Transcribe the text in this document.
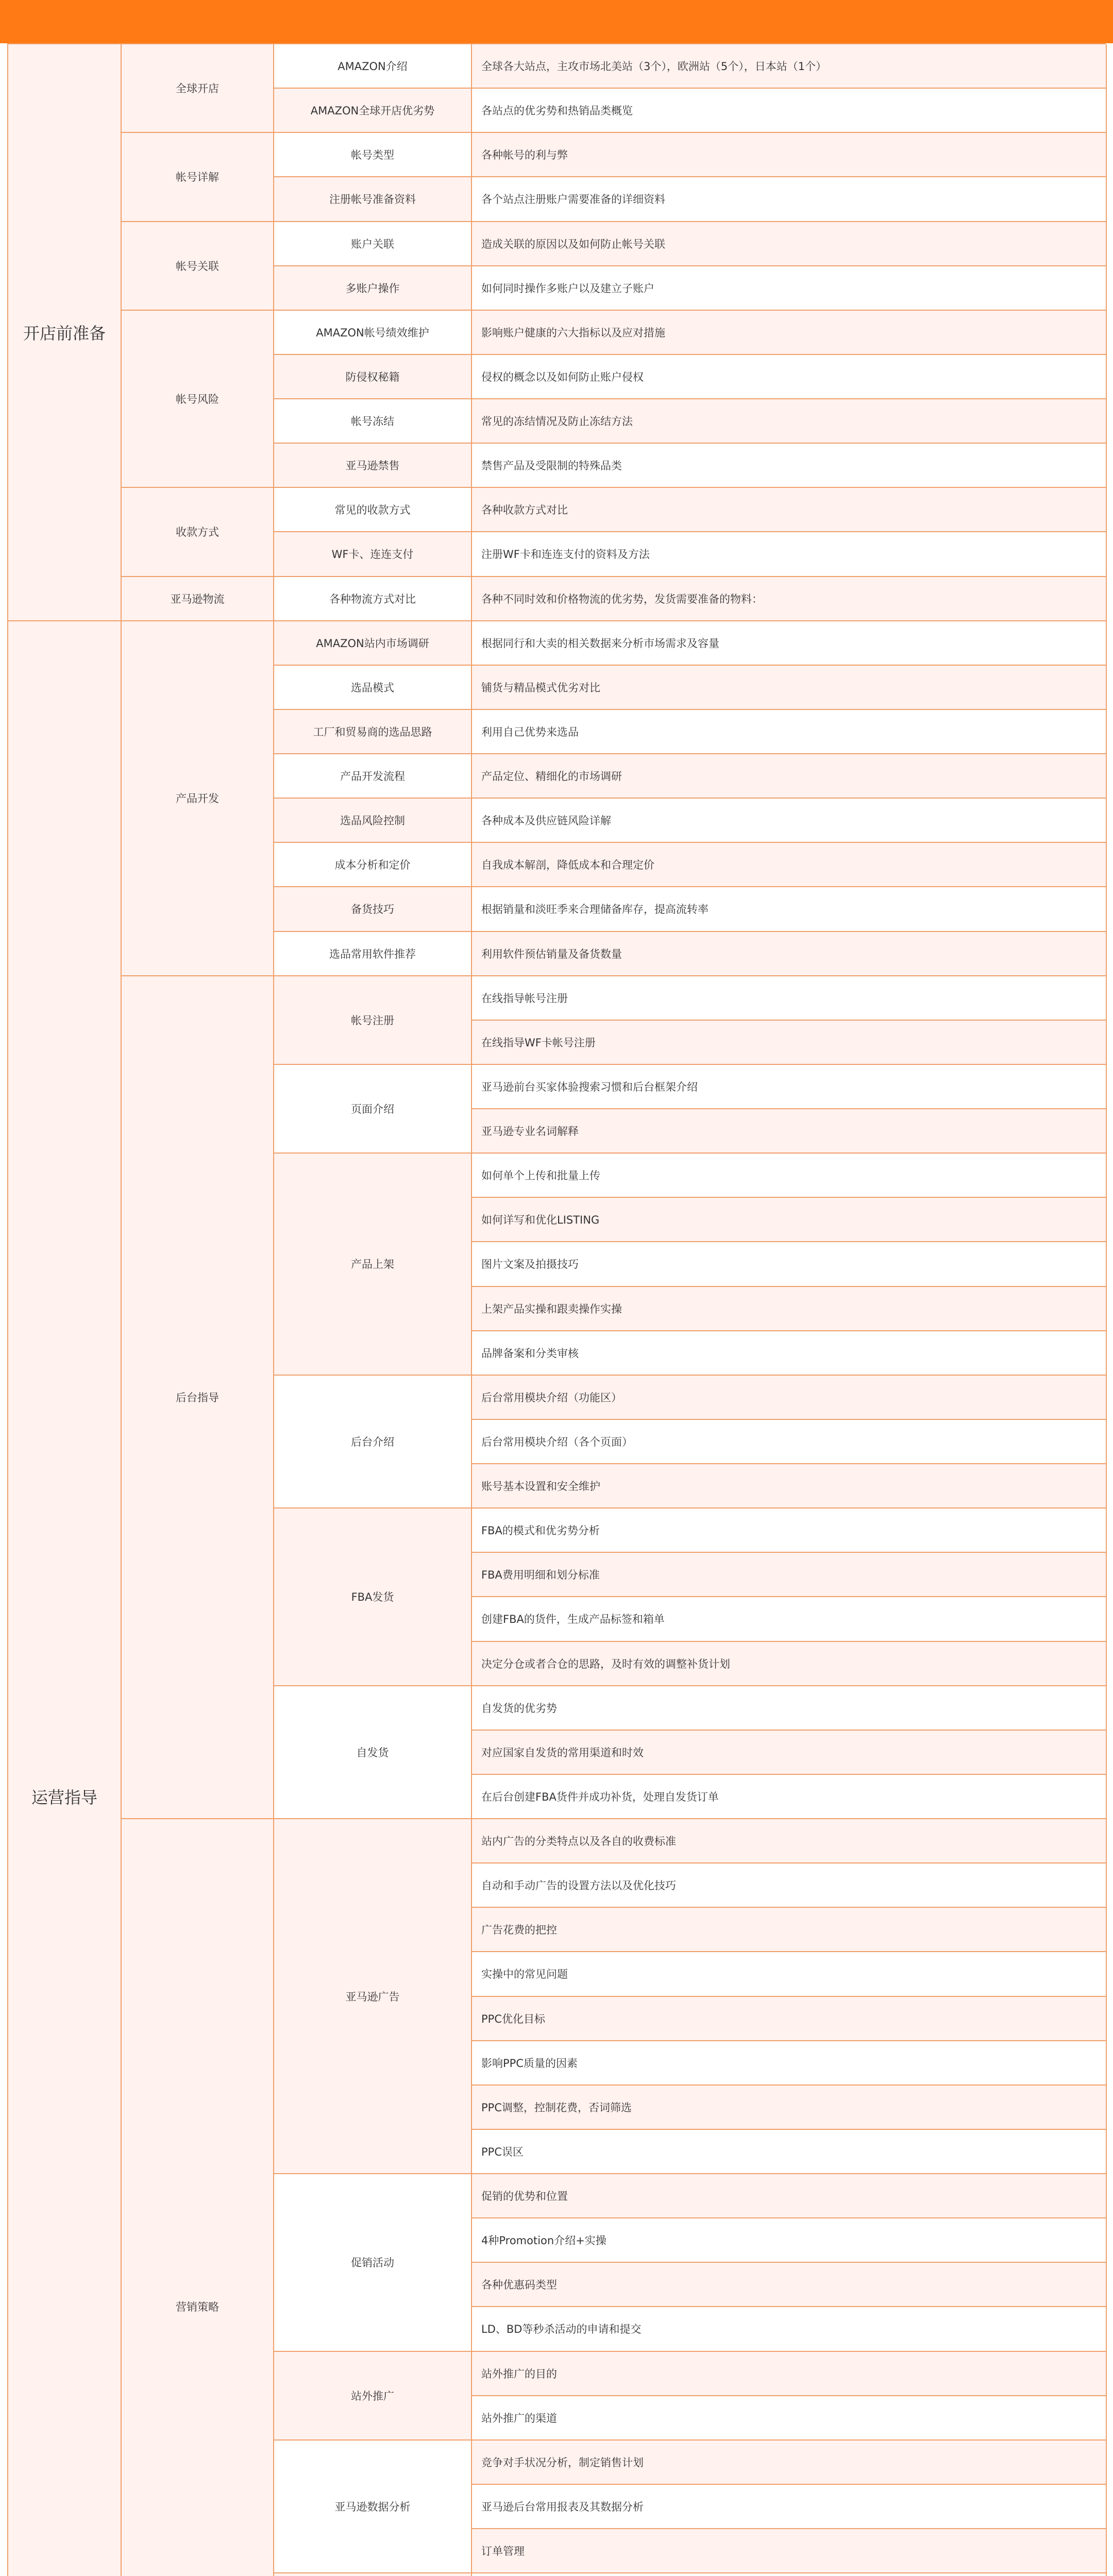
全球各大站点，主攻市场北美站（3个），欧洲站（5个），日本站（1个）
AMAZON介绍
各站点的优劣势和热销品类概览
AMAZON全球开店优劣势
全球开店
各种帐号的利与弊
帐号类型
各个站点注册账户需要准备的详细资料
注册帐号准备资料
帐号详解
造成关联的原因以及如何防止帐号关联
账户关联
如何同时操作多账户以及建立子账户
多账户操作
帐号关联
影响账户健康的六大指标以及应对措施
AMAZON帐号绩效维护
侵权的概念以及如何防止账户侵权
防侵权秘籍
常见的冻结情况及防止冻结方法
帐号冻结
禁售产品及受限制的特殊品类
亚马逊禁售
帐号风险
各种收款方式对比
常见的收款方式
注册WF卡和连连支付的资料及方法
WF卡、连连支付
收款方式
各种不同时效和价格物流的优劣势，发货需要准备的物料：
各种物流方式对比
亚马逊物流
开店前准备
根据同行和大卖的相关数据来分析市场需求及容量
AMAZON站内市场调研
铺货与精品模式优劣对比
选品模式
利用自己优势来选品
工厂和贸易商的选品思路
产品定位、精细化的市场调研
产品开发流程
各种成本及供应链风险详解
选品风险控制
自我成本解剖，降低成本和合理定价
成本分析和定价
根据销量和淡旺季来合理储备库存，提高流转率
备货技巧
利用软件预估销量及备货数量
选品常用软件推荐
产品开发
在线指导帐号注册
在线指导WF卡帐号注册
帐号注册
亚马逊前台买家体验搜索习惯和后台框架介绍
亚马逊专业名词解释
页面介绍
如何单个上传和批量上传
如何详写和优化LISTING
图片文案及拍摄技巧
上架产品实操和跟卖操作实操
品牌备案和分类审核
产品上架
后台常用模块介绍（功能区）
后台常用模块介绍（各个页面）
账号基本设置和安全维护
后台介绍
FBA的模式和优劣势分析
FBA费用明细和划分标准
创建FBA的货件，生成产品标签和箱单
决定分仓或者合仓的思路，及时有效的调整补货计划
FBA发货
自发货的优劣势
对应国家自发货的常用渠道和时效
在后台创建FBA货件并成功补货，处理自发货订单
自发货
后台指导
站内广告的分类特点以及各自的收费标准
自动和手动广告的设置方法以及优化技巧
广告花费的把控
实操中的常见问题
PPC优化目标
影响PPC质量的因素
PPC调整，控制花费，否词筛选
PPC误区
亚马逊广告
促销的优势和位置
4种Promotion介绍+实操
各种优惠码类型
LD、BD等秒杀活动的申请和提交
促销活动
站外推广的目的
站外推广的渠道
站外推广
竞争对手状况分析，制定销售计划
亚马逊后台常用报表及其数据分析
订单管理
亚马逊数据分析
营销策略
运营指导
